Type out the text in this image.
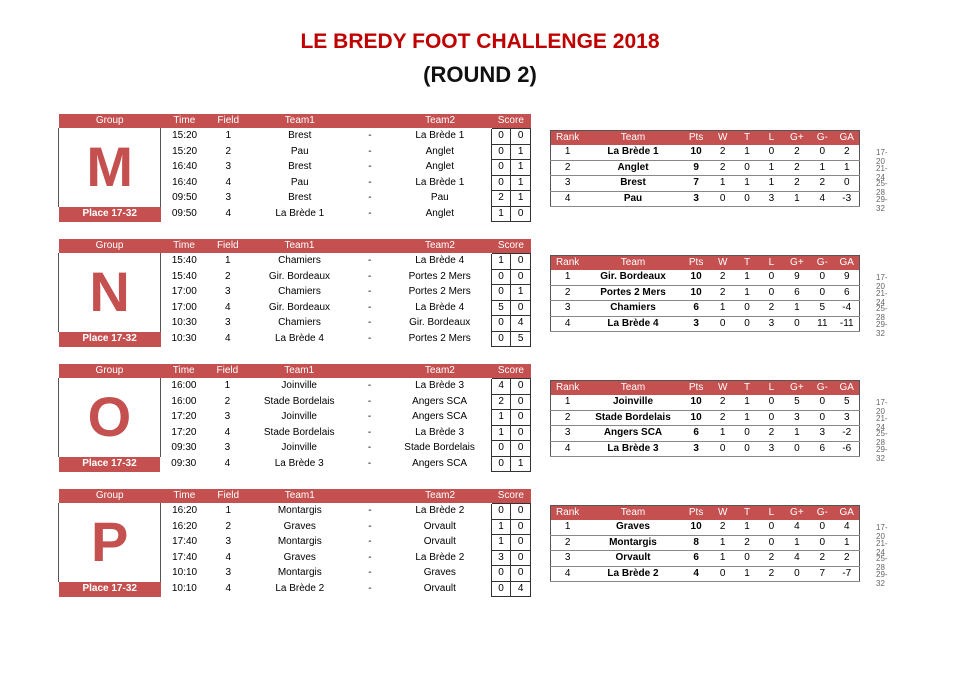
LE BREDY FOOT CHALLENGE 2018
(ROUND 2)
Group	Time	Field	Team1		Team2	Score	
M	15:20	1	Brest	-	La Brède 1	0	0
	15:20	2	Pau	-	Anglet	0	1
	16:40	3	Brest	-	Anglet	0	1
	16:40	4	Pau	-	La Brède 1	0	1
	09:50	3	Brest	-	Pau	2	1
Place 17-32	09:50	4	La Brède 1	-	Anglet	1	0
Rank	Team	Pts	W	T	L	G+	G-	GA
1	La Brède 1	10	2	1	0	2	0	2
2	Anglet	9	2	0	1	2	1	1
3	Brest	7	1	1	1	2	2	0
4	Pau	3	0	0	3	1	4	-3
17-20
21-24
25-28
29-32
Group	Time	Field	Team1		Team2	Score	
N	15:40	1	Chamiers	-	La Brède 4	1	0
	15:40	2	Gir. Bordeaux	-	Portes 2 Mers	0	0
	17:00	3	Chamiers	-	Portes 2 Mers	0	1
	17:00	4	Gir. Bordeaux	-	La Brède 4	5	0
	10:30	3	Chamiers	-	Gir. Bordeaux	0	4
Place 17-32	10:30	4	La Brède 4	-	Portes 2 Mers	0	5
Rank	Team	Pts	W	T	L	G+	G-	GA
1	Gir. Bordeaux	10	2	1	0	9	0	9
2	Portes 2 Mers	10	2	1	0	6	0	6
3	Chamiers	6	1	0	2	1	5	-4
4	La Brède 4	3	0	0	3	0	11	-11
17-20
21-24
25-28
29-32
Group	Time	Field	Team1		Team2	Score	
O	16:00	1	Joinville	-	La Brède 3	4	0
	16:00	2	Stade Bordelais	-	Angers SCA	2	0
	17:20	3	Joinville	-	Angers SCA	1	0
	17:20	4	Stade Bordelais	-	La Brède 3	1	0
	09:30	3	Joinville	-	Stade Bordelais	0	0
Place 17-32	09:30	4	La Brède 3	-	Angers SCA	0	1
Rank	Team	Pts	W	T	L	G+	G-	GA
1	Joinville	10	2	1	0	5	0	5
2	Stade Bordelais	10	2	1	0	3	0	3
3	Angers SCA	6	1	0	2	1	3	-2
4	La Brède 3	3	0	0	3	0	6	-6
17-20
21-24
25-28
29-32
Group	Time	Field	Team1		Team2	Score	
P	16:20	1	Montargis	-	La Brède 2	0	0
	16:20	2	Graves	-	Orvault	1	0
	17:40	3	Montargis	-	Orvault	1	0
	17:40	4	Graves	-	La Brède 2	3	0
	10:10	3	Montargis	-	Graves	0	0
Place 17-32	10:10	4	La Brède 2	-	Orvault	0	4
Rank	Team	Pts	W	T	L	G+	G-	GA
1	Graves	10	2	1	0	4	0	4
2	Montargis	8	1	2	0	1	0	1
3	Orvault	6	1	0	2	4	2	2
4	La Brède 2	4	0	1	2	0	7	-7
17-20
21-24
25-28
29-32
